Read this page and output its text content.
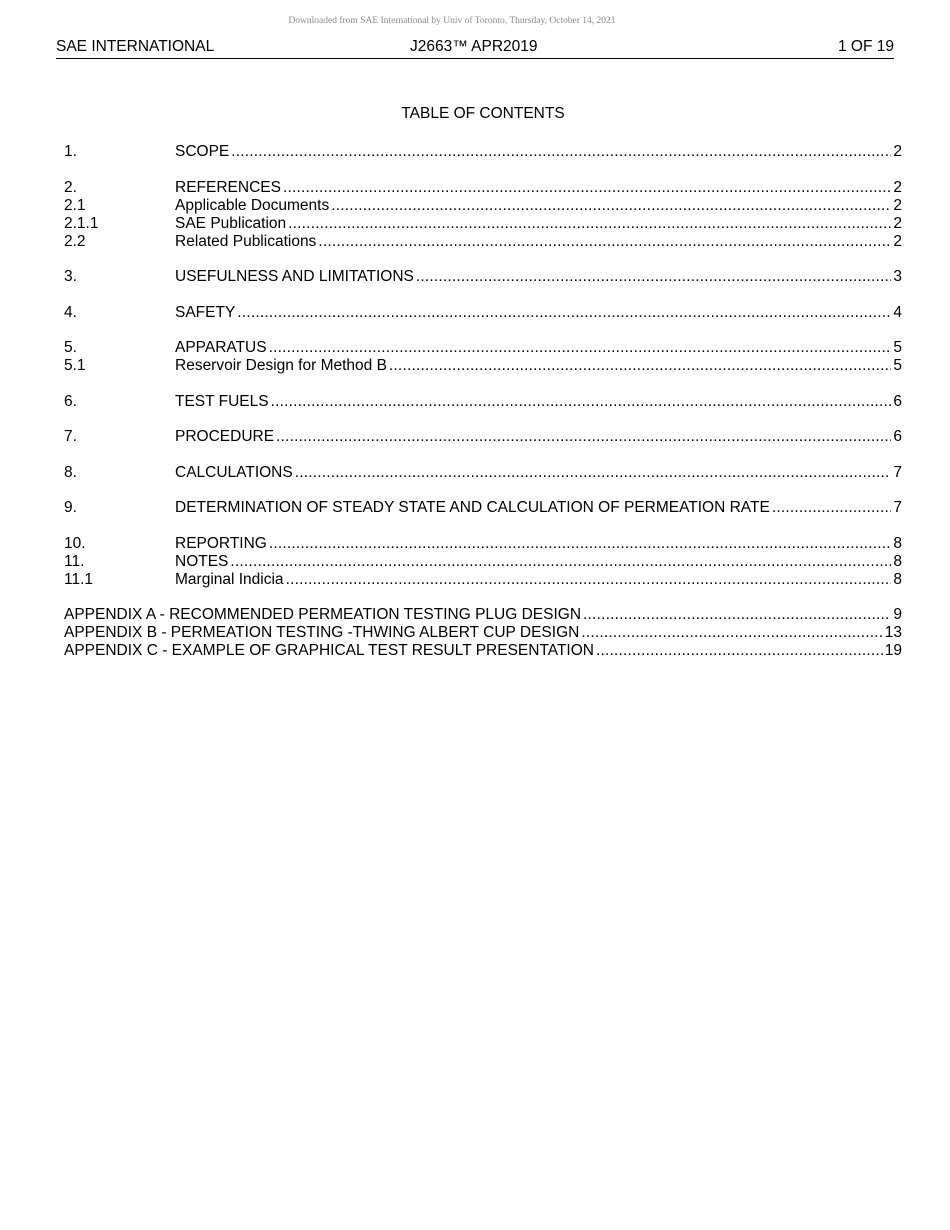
Downloaded from SAE International by Univ of Toronto, Thursday, October 14, 2021
SAE INTERNATIONAL	J2663™ APR2019	1 OF 19
TABLE OF CONTENTS
1.	SCOPE .....	2
2.	REFERENCES .....	2
2.1	Applicable Documents .....	2
2.1.1	SAE Publication .....	2
2.2	Related Publications .....	2
3.	USEFULNESS AND LIMITATIONS .....	3
4.	SAFETY .....	4
5.	APPARATUS .....	5
5.1	Reservoir Design for Method B .....	5
6.	TEST FUELS .....	6
7.	PROCEDURE .....	6
8.	CALCULATIONS .....	7
9.	DETERMINATION OF STEADY STATE AND CALCULATION OF PERMEATION RATE .....	7
10.	REPORTING .....	8
11.	NOTES .....	8
11.1	Marginal Indicia .....	8
APPENDIX A - RECOMMENDED PERMEATION TESTING PLUG DESIGN .....	9
APPENDIX B - PERMEATION TESTING -THWING ALBERT CUP DESIGN .....	13
APPENDIX C - EXAMPLE OF GRAPHICAL TEST RESULT PRESENTATION .....	19
